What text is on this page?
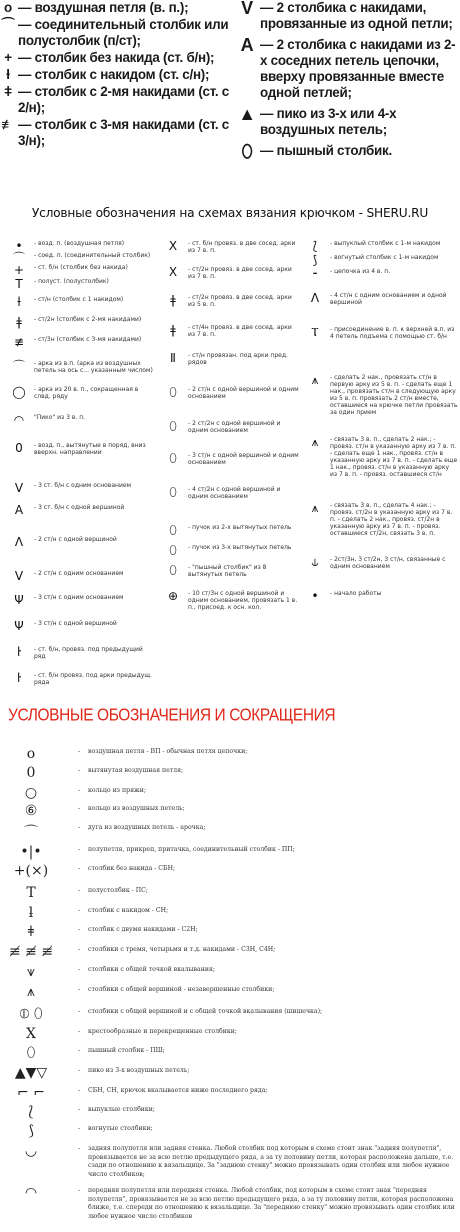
o — воздушная петля (в. п.);
⌒ — соединительный столбик или полустолбик (п/ст);
+ — столбик без накида (ст. б/н);
ƚ — столбик с накидом (ст. с/н);
ǂ — столбик с 2-мя накидами (ст. с 2/н);
≢ — столбик с 3-мя накидами (ст. с 3/н);
V — 2 столбика с накидами, провязанные из одной петли;
A — 2 столбика с накидами из 2-х соседних петель цепочки, вверху провязанные вместе одной петлей;
▲ — пико из 3-х или 4-х воздушных петель;
⬯ — пышный столбик.
Условные обозначения на схемах вязания крючком - SHERU.RU
•	- возд. п. (воздушная петля)
⌒	- соед. п. (соединительный столбик)
+	- ст. б/н (столбик без накида)
T	- полуст. (полустолбик)
ƚ	- ст/н (столбик с 1 накидом)
ǂ	- ст/2н (столбик с 2-мя накидами)
≢	- ст/3н (столбик с 3-мя накидами)
⌒	- арка из в.п. (арка из воздушных петель на ось с... указанным числом)
◯	- арка из 20 в. п., сокращенная в слвд. ряду
◠	"Пико" из 3 в. п.
0	- возд. п., вытянутые в поряд, вниз вверхн. направлении
V	- 3 ст. б/н с одним основанием
A	- 3 ст. б/н с одной вершиной
Λ	- 2 ст/н с одной вершиной
V	- 2 ст/н с одним основанием
Ψ	- 3 ст/н с одним основанием
Ψ	- 3 ст/н с одной вершиной
ŀ	- ст. б/н, провяз. под предыдущий ряд
ŀ	- ст. б/н провяз. под арки предыдущ. ряда
X	- ст. б/н провяз. в две сосед. арки из 7 в. п.
X	- ст/2н провяз. в две сосед. арки из 7 в. п.
ǂ	- ст/2н провяз. в две сосед. арки из 5 в. п.
ǂ	- ст/4н провяз. в две сосед. арки из 7 в. п.
Ⅱ	- ст/н провязан. под арки пред. рядов
⬯	- 2 ст/н с одной вершиной и одним основанием
⬯	- 2 ст/2н с одной вершиной и одним основанием
⬯	- 3 ст/н с одной вершиной и одним основанием
⬯	- 4 ст/2н с одной вершиной и одним основанием
⬯	- пучок из 2-х вытянутых петель
⬯	- пучок из 3-х вытянутых петель
⬯	- "пышный столбик" из 8 вытянутых петель
⊕	- 10 ст/3н с одной вершиной и одним основанием, провязать 1 в. п., присоед. к осн. кол.
⟅	- выпуклый столбик с 1-м накидом
⟆	- вогнутый столбик с 1-м накидом
⁃	- цепочка из 4 в. п.
Λ	- 4 ст/н с одним основанием и одной вершиной
Ⲧ	- присоединение в. п. к верхней в.п. из 4 петель подъема с помощью ст. б/н
⩚	- сделать 2 нак., провязать ст/н в первую арку из 5 в. п. - сделать еще 1 нак., провязать ст/н в следующую арку из 5 в. п. провязать 2 ст/н вместе, оставшиеся на крючке петли провязать за один прием
⩚	- связать 3 в. п., сделать 2 нак.; - провяз. ст/н в указанную арку из 7 в. п. - сделать еще 1 нак., провяз. ст/н в указанную арку из 7 в. п. - сделать еще 1 нак., провяз. ст/н в указанную арку из 7 в. п. - провяз. оставшиеся ст/н
⩚	- связать 3 в. п., сделать 4 нак.; - провяз. ст/2н в указанную арку из 7 в. п. - сделать 2 нак., провяз. ст/2н в указанную арку из 7 в. п. - провяз. оставшиеся ст/2н, связать 3 в. п.
⫝	- 2ст/3н, 3 ст/2н, 3 ст/н, связанные с одним основанием
•	- начало работы
УСЛОВНЫЕ ОБОЗНАЧЕНИЯ И СОКРАЩЕНИЯ
o	- воздушная петля - ВП - обычная петля цепочки;
0	- вытянутая воздушная петля;
○	- кольцо из пряжи;
⑥	- кольцо из воздушных петель;
⌒	- дуга из воздушных петель - арочка;
•|•	- полупетля, прикреп, притачка, соединительный столбик - ПП;
+(×)	- столбик без накида - СБН;
T	- полустолбик - ПС;
ƚ	- столбик с накидом - СН;
ǂ	- столбик с двумя накидами - С2Н;
≢ ≢ ≢	- столбики с тремя, четырьмя и т.д. накидами - С3Н, С4Н;
⩛	- столбики с общей точкой вкалывания;
⩚	- столбики с общей вершиной - незавершенные столбики;
⦶ ⬯	- столбики с общей вершиной и с общей точкой вкалывания (шишечка);
X	- крестообразные и перекрещенные столбики;
⬯	- пышный столбик - ПШ;
▲▼▽	- пико из 3-х воздушных петель;
⌐ ⌐	- СБН, СН, крючок вкалывается ниже последнего ряда;
⟅	- выпуклые столбики;
⟆	- вогнутые столбики;
◡	- задняя полупетля или задняя стенка. Любой столбик под которым в схеме стоит знак "задняя полупетля", провязывается не за всю петлю предыдущего ряда, а за ту половину петли, которая расположена дальше, т.е. сзади по отношению к вязальщице. За "заднюю стенку" можно провязывать один столбик или любое нужное число столбиков;
◠	- передняя полупетля или передняя стенка. Любой столбик, под которым в схеме стоит знак "передняя полупетля", провязывается не за всю петлю предыдущего ряда, а за ту половину петли, которая расположена ближе, т.е. спереди по отношению к вязальщице. За "переднюю стенку" можно провязывать один столбик или любое нужное число столбиков
